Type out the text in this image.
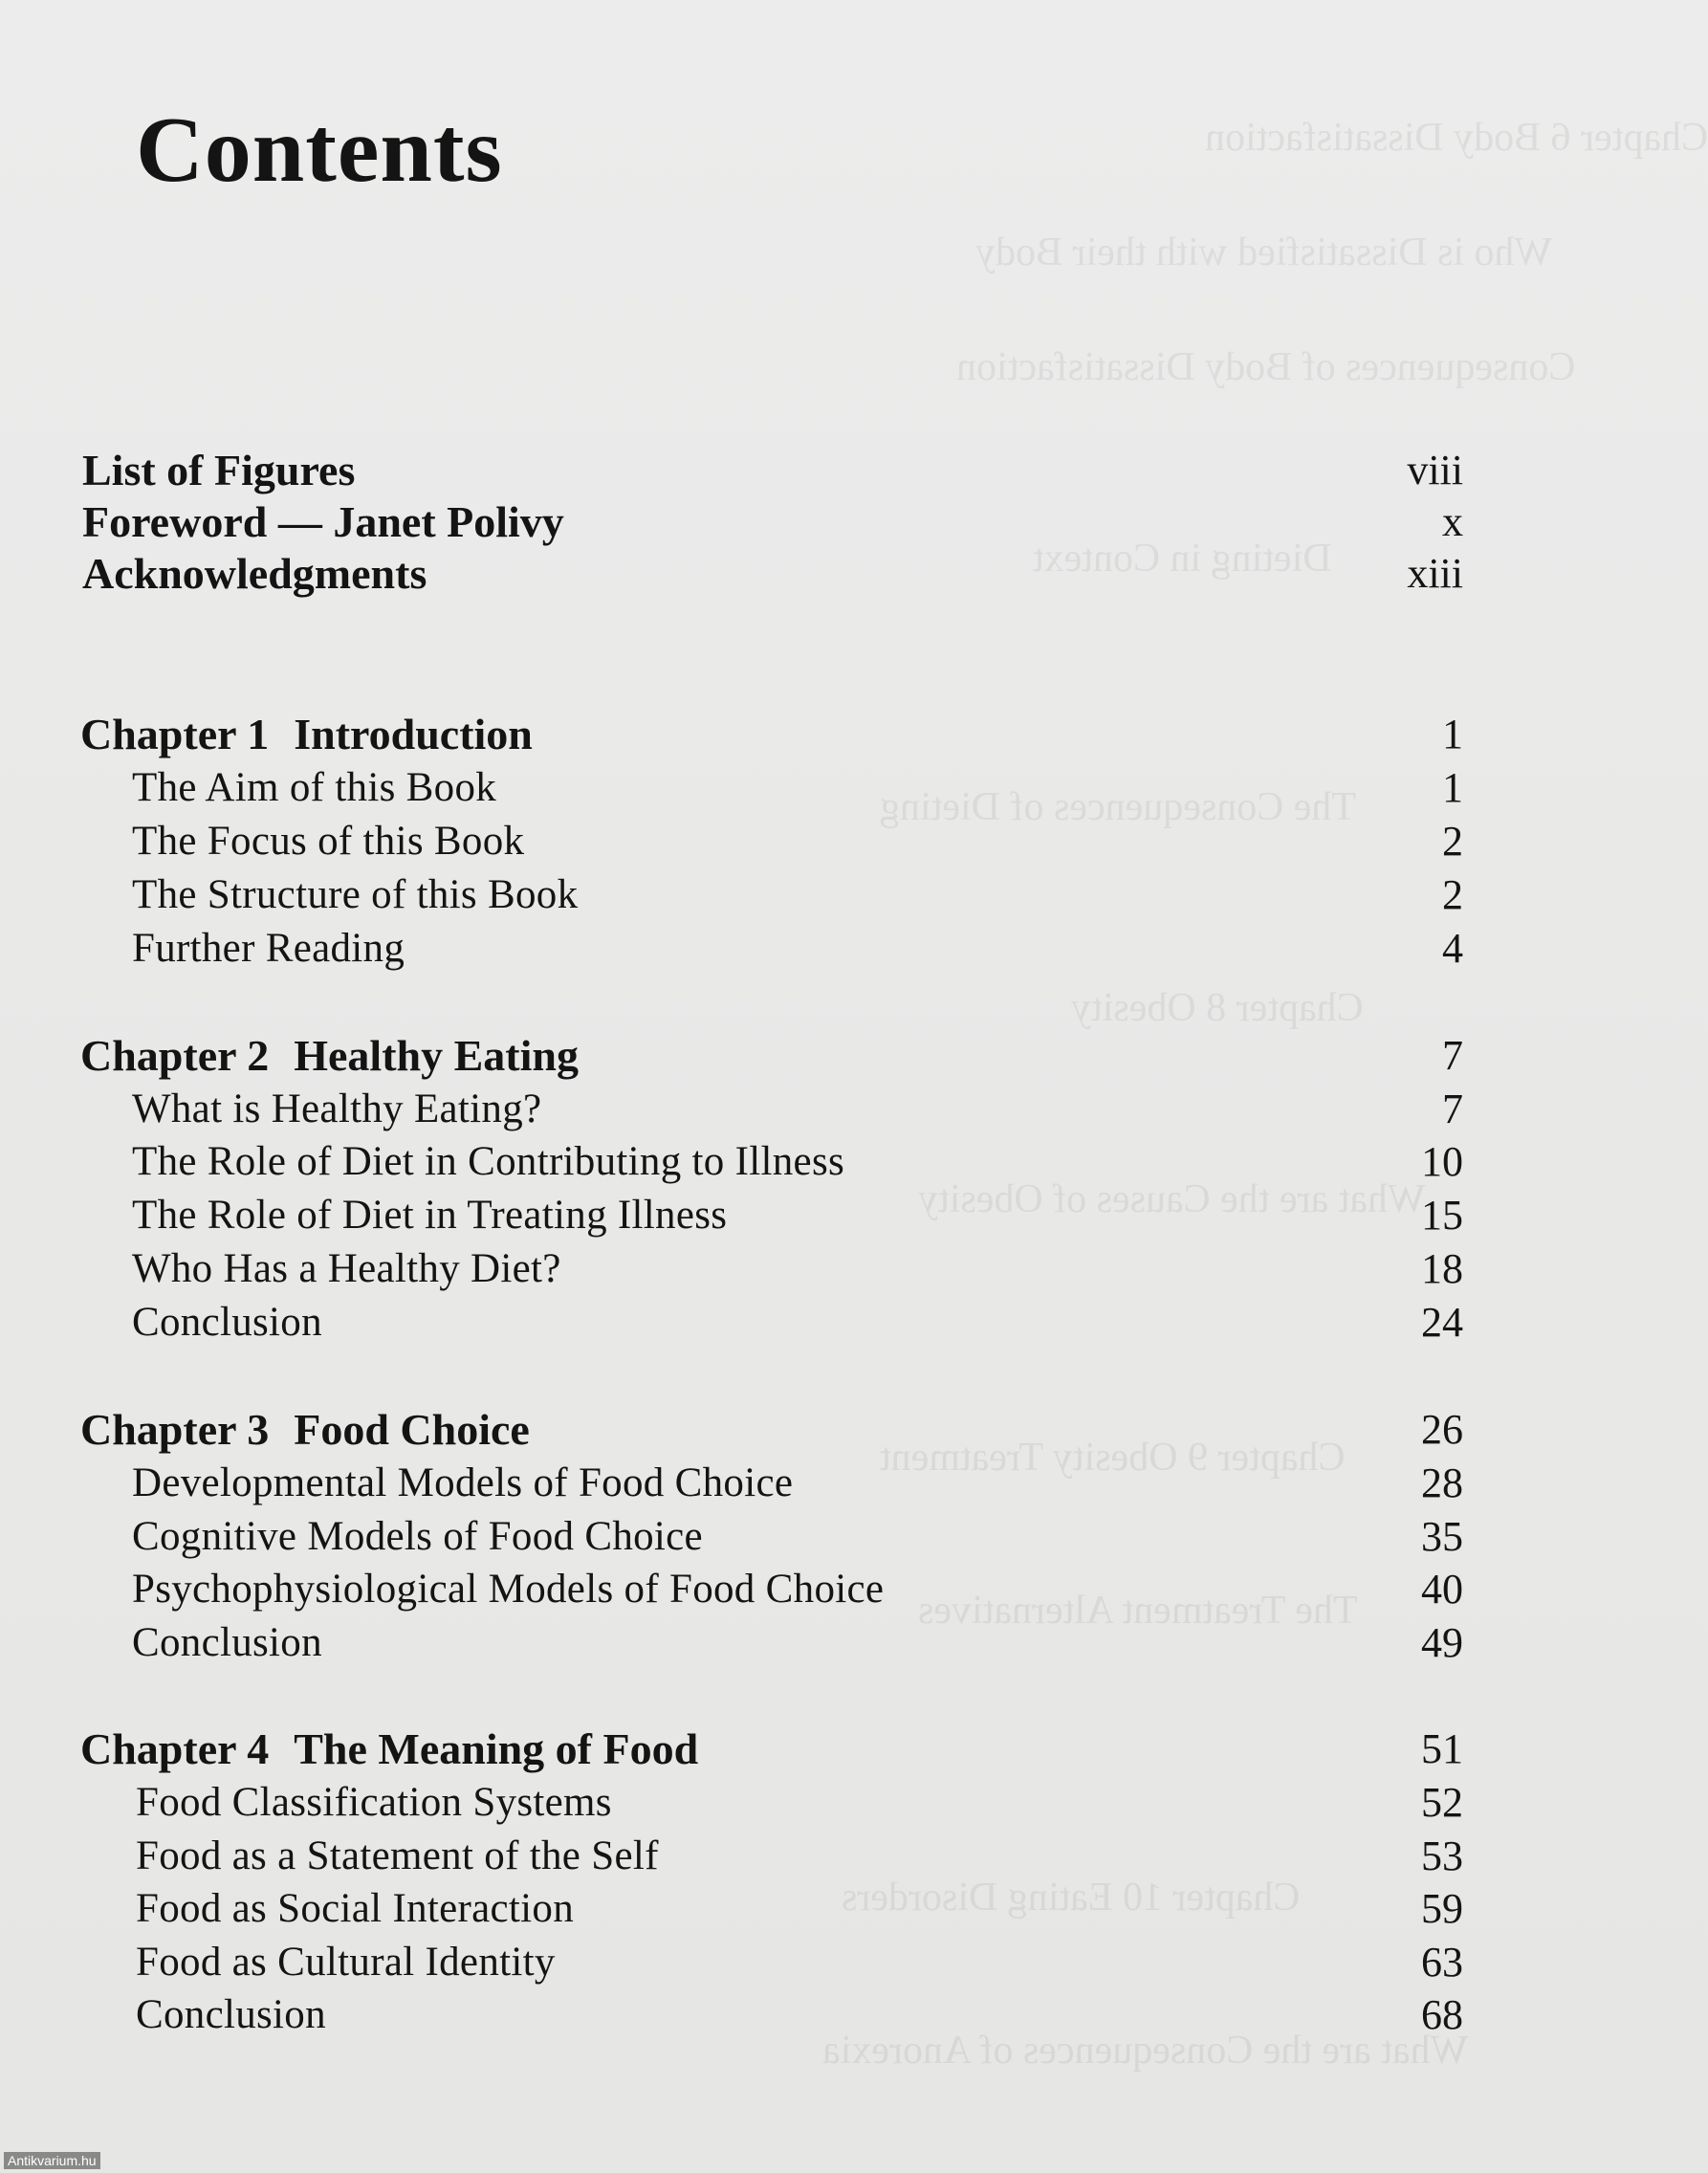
Chapter 6 Body Dissatisfaction
Who is Dissatisfied with their Body
Consequences of Body Dissatisfaction
Dieting in Context
The Consequences of Dieting
Chapter 8 Obesity
What are the Causes of Obesity
Chapter 9 Obesity Treatment
The Treatment Alternatives
Chapter 10 Eating Disorders
What are the Consequences of Anorexia
Contents
List of Figures	viii
Foreword — Janet Polivy	x
Acknowledgments	xiii
Chapter 1 Introduction	1
The Aim of this Book	1
The Focus of this Book	2
The Structure of this Book	2
Further Reading	4
Chapter 2 Healthy Eating	7
What is Healthy Eating?	7
The Role of Diet in Contributing to Illness	10
The Role of Diet in Treating Illness	15
Who Has a Healthy Diet?	18
Conclusion	24
Chapter 3 Food Choice	26
Developmental Models of Food Choice	28
Cognitive Models of Food Choice	35
Psychophysiological Models of Food Choice	40
Conclusion	49
Chapter 4 The Meaning of Food	51
Food Classification Systems	52
Food as a Statement of the Self	53
Food as Social Interaction	59
Food as Cultural Identity	63
Conclusion	68
Antikvarium.hu
